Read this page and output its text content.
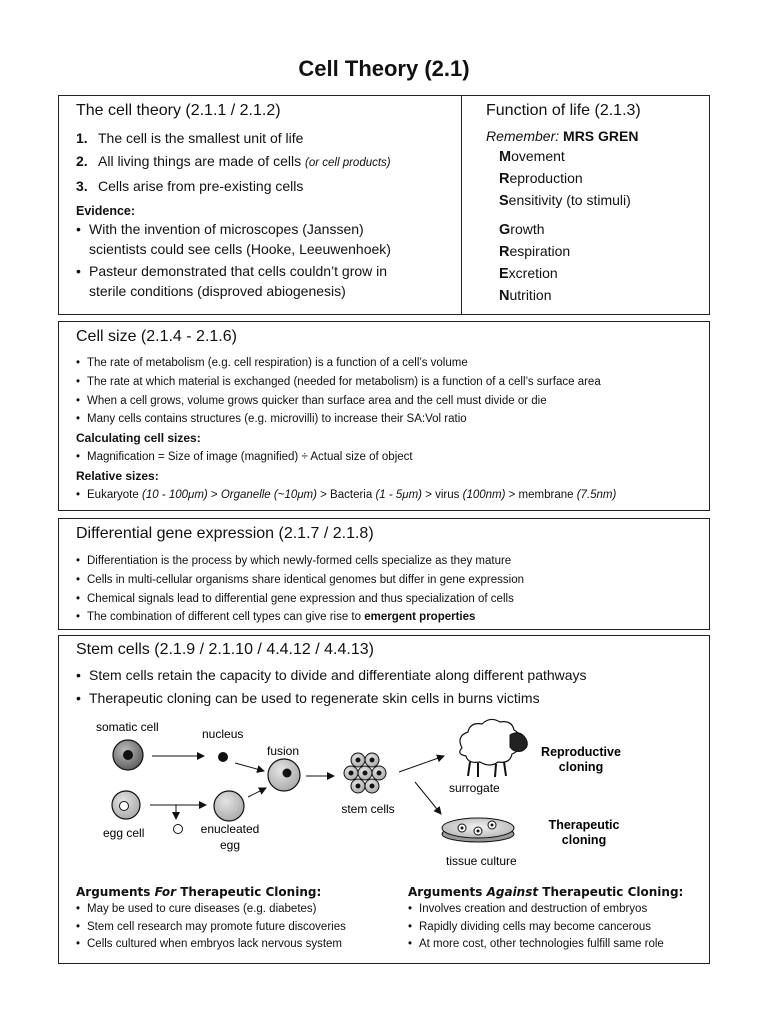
Cell Theory (2.1)
The cell theory (2.1.1 / 2.1.2)
1. The cell is the smallest unit of life
2. All living things are made of cells (or cell products)
3. Cells arise from pre-existing cells
Evidence:
• With the invention of microscopes (Janssen) scientists could see cells (Hooke, Leeuwenhoek)
• Pasteur demonstrated that cells couldn’t grow in sterile conditions (disproved abiogenesis)
Function of life (2.1.3)
Remember: MRS GREN
Movement
Reproduction
Sensitivity (to stimuli)
Growth
Respiration
Excretion
Nutrition
Cell size (2.1.4 - 2.1.6)
• The rate of metabolism (e.g. cell respiration) is a function of a cell’s volume
• The rate at which material is exchanged (needed for metabolism) is a function of a cell’s surface area
• When a cell grows, volume grows quicker than surface area and the cell must divide or die
• Many cells contains structures (e.g. microvilli) to increase their SA:Vol ratio
Calculating cell sizes:
• Magnification = Size of image (magnified) ÷ Actual size of object
Relative sizes:
• Eukaryote (10 - 100μm) > Organelle (~10μm) > Bacteria (1 - 5μm) > virus (100nm) > membrane (7.5nm)
Differential gene expression (2.1.7 / 2.1.8)
• Differentiation is the process by which newly-formed cells specialize as they mature
• Cells in multi-cellular organisms share identical genomes but differ in gene expression
• Chemical signals lead to differential gene expression and thus specialization of cells
• The combination of different cell types can give rise to emergent properties
Stem cells (2.1.9 / 2.1.10 / 4.4.12 / 4.4.13)
• Stem cells retain the capacity to divide and differentiate along different pathways
• Therapeutic cloning can be used to regenerate skin cells in burns victims
somatic cell	nucleus
fusion
egg cell	enucleated
egg
stem cells
surrogate
tissue culture
Reproductive
cloning
Therapeutic
cloning
Arguments For Therapeutic Cloning:
• May be used to cure diseases (e.g. diabetes)
• Stem cell research may promote future discoveries
• Cells cultured when embryos lack nervous system
Arguments Against Therapeutic Cloning:
• Involves creation and destruction of embryos
• Rapidly dividing cells may become cancerous
• At more cost, other technologies fulfill same role
